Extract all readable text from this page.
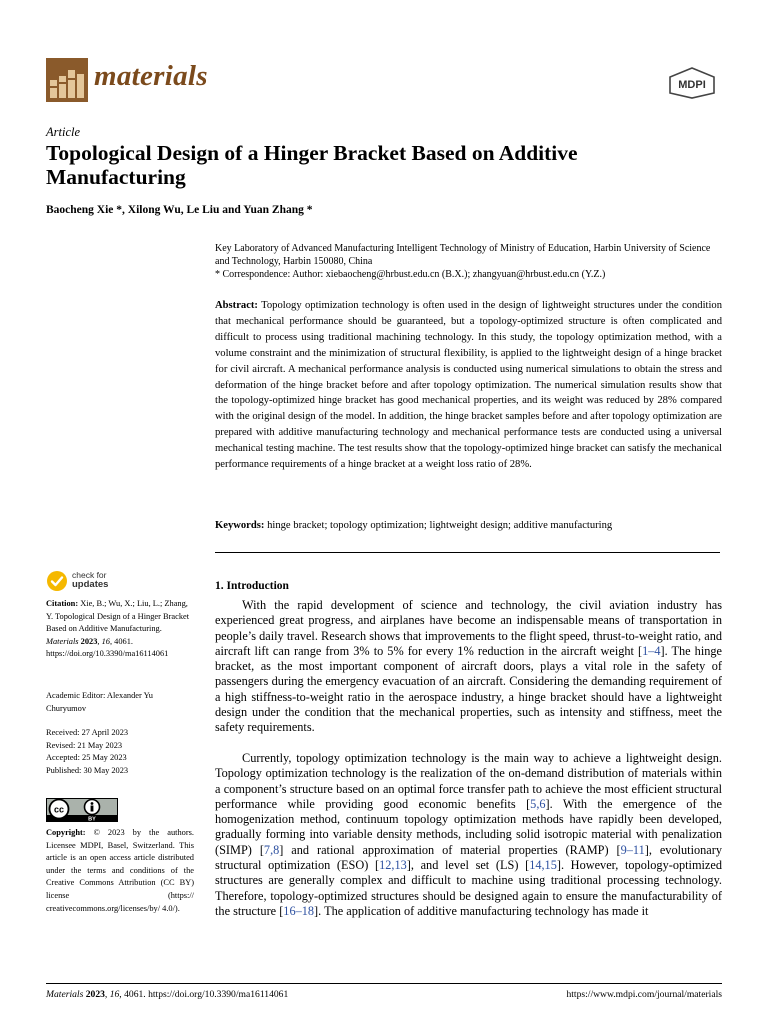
materials	MDPI
Article
Topological Design of a Hinger Bracket Based on Additive Manufacturing
Baocheng Xie *, Xilong Wu, Le Liu and Yuan Zhang *
Key Laboratory of Advanced Manufacturing Intelligent Technology of Ministry of Education, Harbin University of Science and Technology, Harbin 150080, China
* Correspondence: Author: xiebaocheng@hrbust.edu.cn (B.X.); zhangyuan@hrbust.edu.cn (Y.Z.)
Abstract: Topology optimization technology is often used in the design of lightweight structures under the condition that mechanical performance should be guaranteed, but a topology-optimized structure is often complicated and difficult to process using traditional machining technology. In this study, the topology optimization method, with a volume constraint and the minimization of structural flexibility, is applied to the lightweight design of a hinge bracket for civil aircraft. A mechanical performance analysis is conducted using numerical simulations to obtain the stress and deformation of the hinge bracket before and after topology optimization. The numerical simulation results show that the topology-optimized hinge bracket has good mechanical properties, and its weight was reduced by 28% compared with the original design of the model. In addition, the hinge bracket samples before and after topology optimization are prepared with additive manufacturing technology and mechanical performance tests are conducted using a universal mechanical testing machine. The test results show that the topology-optimized hinge bracket can satisfy the mechanical performance requirements of a hinge bracket at a weight loss ratio of 28%.
Keywords: hinge bracket; topology optimization; lightweight design; additive manufacturing
check for
updates
Citation: Xie, B.; Wu, X.; Liu, L.; Zhang, Y. Topological Design of a Hinger Bracket Based on Additive Manufacturing. Materials 2023, 16, 4061. https://doi.org/10.3390/ma16114061
Academic Editor: Alexander Yu Churyumov
Received: 27 April 2023
Revised: 21 May 2023
Accepted: 25 May 2023
Published: 30 May 2023
cc
BY
Copyright: © 2023 by the authors. Licensee MDPI, Basel, Switzerland. This article is an open access article distributed under the terms and conditions of the Creative Commons Attribution (CC BY) license (https:// creativecommons.org/licenses/by/ 4.0/).
1. Introduction
With the rapid development of science and technology, the civil aviation industry has experienced great progress, and airplanes have become an indispensable means of transportation in people’s daily travel. Research shows that improvements to the flight speed, thrust-to-weight ratio, and aircraft lift can range from 3% to 5% for every 1% reduction in the aircraft weight [1–4]. The hinge bracket, as the most important component of aircraft doors, plays a vital role in the safety of passengers during the emergency evacuation of an aircraft. Considering the demanding requirement of a high stiffness-to-weight ratio in the aerospace industry, a hinge bracket should have a lightweight design under the condition that the mechanical properties, such as intensity and stiffness, meet the safety requirements.
Currently, topology optimization technology is the main way to achieve a lightweight design. Topology optimization technology is the realization of the on-demand distribution of materials within a component’s structure based on an optimal force transfer path to achieve the most efficient structural performance while providing good economic benefits [5,6]. With the emergence of the homogenization method, continuum topology optimization methods have rapidly been developed, gradually forming into variable density methods, including solid isotropic material with penalization (SIMP) [7,8] and rational approximation of material properties (RAMP) [9–11], evolutionary structural optimization (ESO) [12,13], and level set (LS) [14,15]. However, topology-optimized structures are generally complex and difficult to machine using traditional processing technology. Therefore, topology-optimized structures should be designed again to ensure the manufacturability of the structure [16–18]. The application of additive manufacturing technology has made it
Materials 2023, 16, 4061. https://doi.org/10.3390/ma16114061	https://www.mdpi.com/journal/materials
